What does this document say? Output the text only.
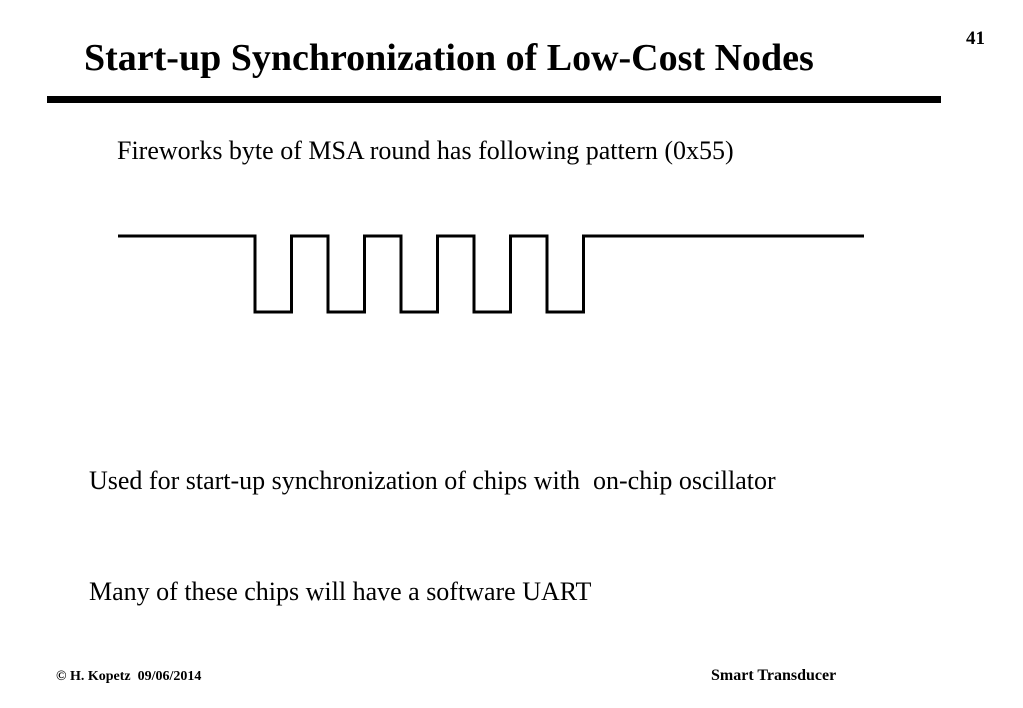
41
Start-up Synchronization of Low-Cost Nodes
Fireworks byte of MSA round has following pattern (0x55)

Used for start-up synchronization of chips with  on-chip oscillator

Many of these chips will have a software UART

© H. Kopetz  09/06/2014	Smart Transducer
